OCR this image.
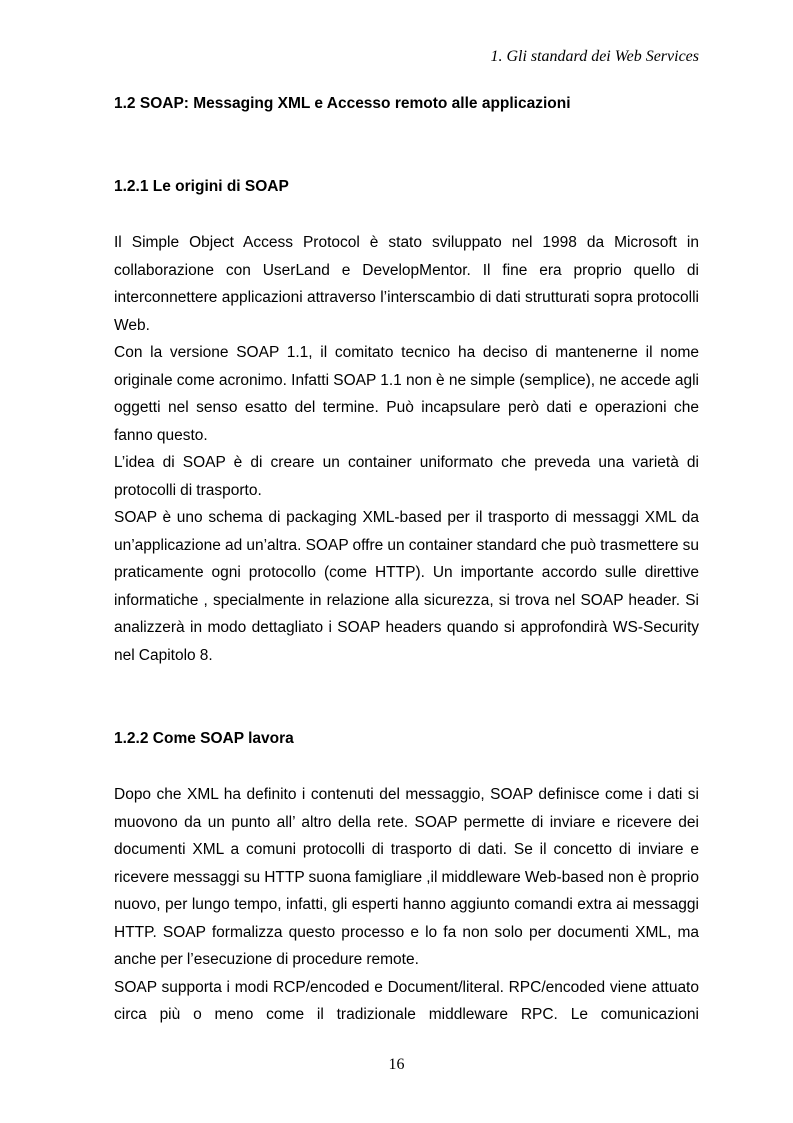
1. Gli standard dei Web Services
1.2 SOAP: Messaging XML e Accesso remoto alle applicazioni
1.2.1 Le origini di SOAP

Il Simple Object Access Protocol è stato sviluppato nel 1998 da Microsoft in collaborazione con UserLand e DevelopMentor. Il fine era proprio quello di interconnettere applicazioni attraverso l’interscambio di dati strutturati sopra protocolli Web.

Con la versione SOAP 1.1, il comitato tecnico ha deciso di mantenerne il nome originale come acronimo. Infatti SOAP 1.1 non è ne simple (semplice), ne accede agli oggetti nel senso esatto del termine. Può incapsulare però dati e operazioni che fanno questo.

L’idea di SOAP è di creare un container uniformato che preveda una varietà di protocolli di trasporto.

SOAP è uno schema di packaging XML-based per il trasporto di messaggi XML da un’applicazione ad un’altra. SOAP offre un container standard che può trasmettere su praticamente ogni protocollo (come HTTP). Un importante accordo sulle direttive informatiche , specialmente in relazione alla sicurezza, si trova nel SOAP header. Si analizzerà in modo dettagliato i SOAP headers quando si approfondirà WS-Security nel Capitolo 8.

1.2.2 Come SOAP lavora

Dopo che XML ha definito i contenuti del messaggio, SOAP definisce come i dati si muovono da un punto all’ altro della rete. SOAP permette di inviare e ricevere dei documenti XML a comuni protocolli di trasporto di dati. Se il concetto di inviare e ricevere messaggi su HTTP suona famigliare ,il middleware Web-based non è proprio nuovo, per lungo tempo, infatti, gli esperti hanno aggiunto comandi extra ai messaggi HTTP. SOAP formalizza questo processo e lo fa non solo per documenti XML, ma anche per l’esecuzione di procedure remote.

SOAP supporta i modi RCP/encoded e Document/literal. RPC/encoded viene attuato circa più o meno come il tradizionale middleware RPC. Le comunicazioni

16
